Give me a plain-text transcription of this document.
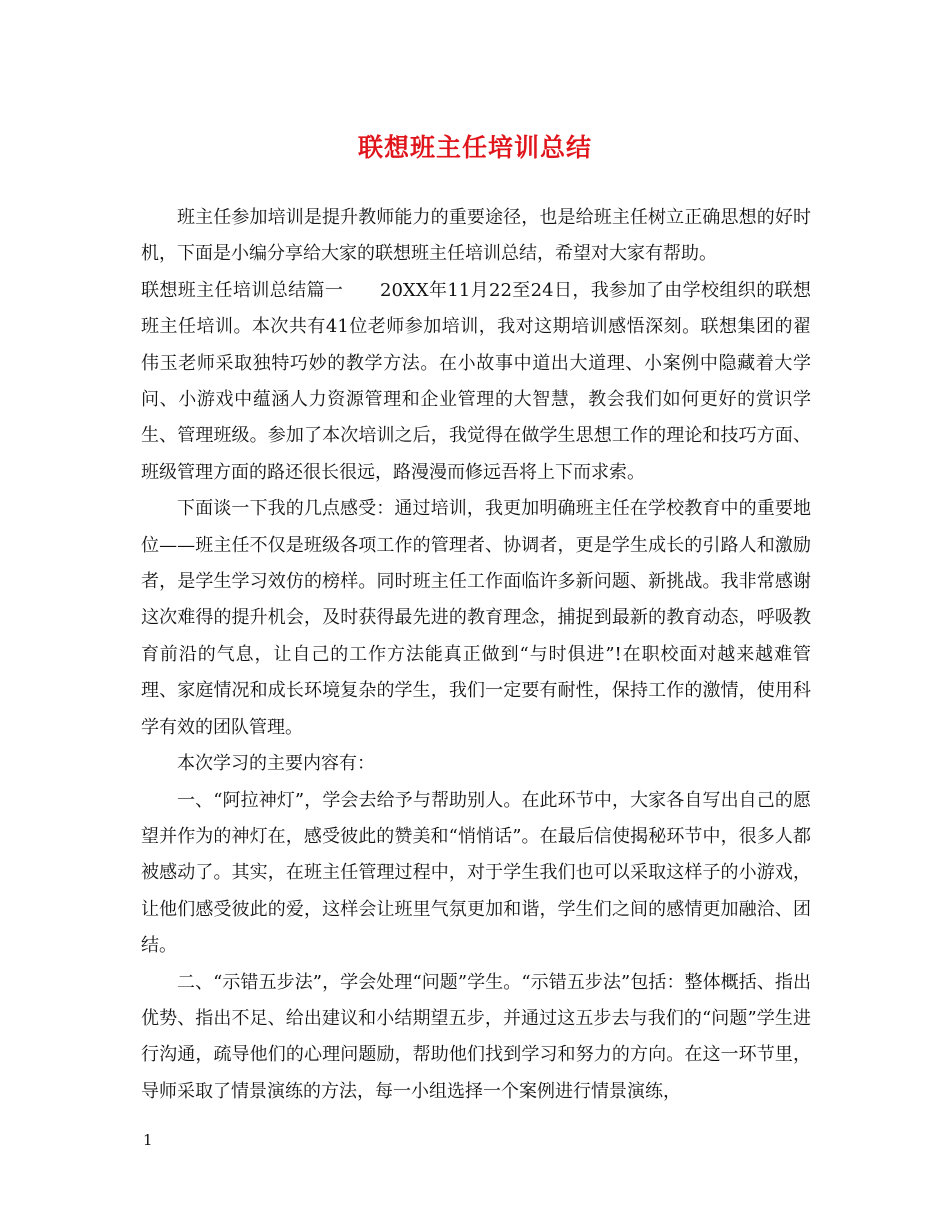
联想班主任培训总结

班主任参加培训是提升教师能力的重要途径，也是给班主任树立正确思想的好时机，下面是小编分享给大家的联想班主任培训总结，希望对大家有帮助。

联想班主任培训总结篇一　　20XX年11月22至24日，我参加了由学校组织的联想班主任培训。本次共有41位老师参加培训，我对这期培训感悟深刻。联想集团的翟伟玉老师采取独特巧妙的教学方法。在小故事中道出大道理、小案例中隐藏着大学问、小游戏中蕴涵人力资源管理和企业管理的大智慧，教会我们如何更好的赏识学生、管理班级。参加了本次培训之后，我觉得在做学生思想工作的理论和技巧方面、班级管理方面的路还很长很远，路漫漫而修远吾将上下而求索。

下面谈一下我的几点感受：通过培训，我更加明确班主任在学校教育中的重要地位——班主任不仅是班级各项工作的管理者、协调者，更是学生成长的引路人和激励者，是学生学习效仿的榜样。同时班主任工作面临许多新问题、新挑战。我非常感谢这次难得的提升机会，及时获得最先进的教育理念，捕捉到最新的教育动态，呼吸教育前沿的气息，让自己的工作方法能真正做到“与时俱进”!在职校面对越来越难管理、家庭情况和成长环境复杂的学生，我们一定要有耐性，保持工作的激情，使用科学有效的团队管理。

本次学习的主要内容有：

一、“阿拉神灯”，学会去给予与帮助别人。在此环节中，大家各自写出自己的愿望并作为的神灯在，感受彼此的赞美和“悄悄话”。在最后信使揭秘环节中，很多人都被感动了。其实，在班主任管理过程中，对于学生我们也可以采取这样子的小游戏，让他们感受彼此的爱，这样会让班里气氛更加和谐，学生们之间的感情更加融洽、团结。

二、“示错五步法”，学会处理“问题”学生。“示错五步法”包括：整体概括、指出优势、指出不足、给出建议和小结期望五步，并通过这五步去与我们的“问题”学生进行沟通，疏导他们的心理问题励，帮助他们找到学习和努力的方向。在这一环节里，导师采取了情景演练的方法，每一小组选择一个案例进行情景演练，

1
